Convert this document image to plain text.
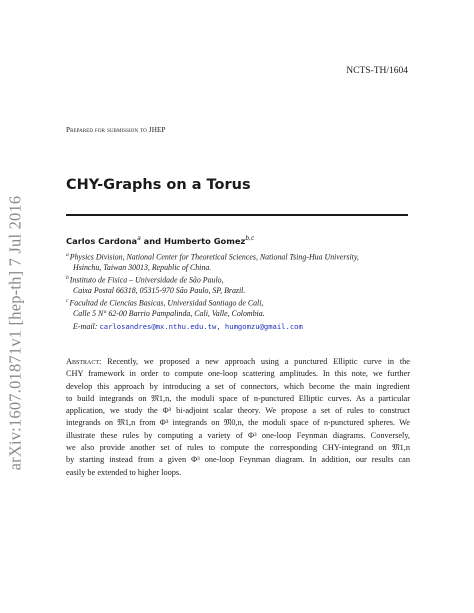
arXiv:1607.01871v1 [hep-th] 7 Jul 2016
NCTS-TH/1604
Prepared for submission to JHEP
CHY-Graphs on a Torus
Carlos Cardona$^a$ and Humberto Gomez$^{b,c}$
$^a$Physics Division, National Center for Theoretical Sciences, National Tsing-Hua University,
Hsinchu, Taiwan 30013, Republic of China.
$^b$Instituto de Fisica – Universidade de São Paulo,
Caixa Postal 66318, 05315-970 São Paulo, SP, Brazil.
$^c$Facultad de Ciencias Basicas, Universidad Santiago de Cali,
Calle 5 N° 62-00 Barrio Pampalinda, Cali, Valle, Colombia.
E-mail: carlosandres@mx.nthu.edu.tw, humgomzu@gmail.com
Abstract: Recently, we proposed a new approach using a punctured Elliptic curve in the
CHY framework in order to compute one-loop scattering amplitudes. In this note, we further
develop this approach by introducing a set of connectors, which become the main ingredient
to build integrands on 𝔐1,n, the moduli space of n-punctured Elliptic curves. As a particular
application, we study the Φ³ bi-adjoint scalar theory. We propose a set of rules to construct
integrands on 𝔐1,n from Φ³ integrands on 𝔐0,n, the moduli space of n-punctured spheres. We
illustrate these rules by computing a variety of Φ³ one-loop Feynman diagrams. Conversely,
we also provide another set of rules to compute the corresponding CHY-integrand on 𝔐1,n
by starting instead from a given Φ³ one-loop Feynman diagram. In addition, our results can
easily be extended to higher loops.
